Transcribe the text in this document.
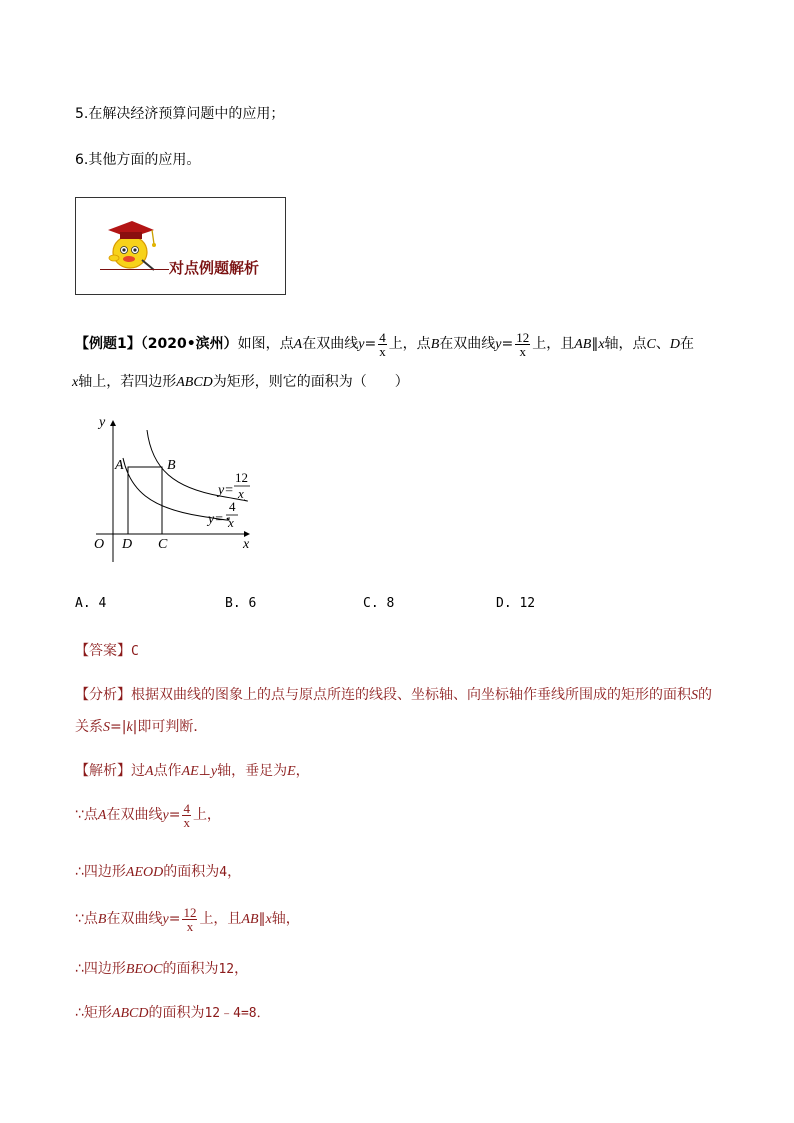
5.在解决经济预算问题中的应用；
6.其他方面的应用。
对点例题解析
【例题1】（2020•滨州）如图，点A在双曲线$y= \frac{4}{x}$ 上，点B在双曲线$y= \frac{12}{x}$ 上，且AB∥x轴，点C、D在
x轴上，若四边形ABCD为矩形，则它的面积为（　　）
y
x
O
A	B
D C
y=
12
x
y=
4
x
A. 4	B. 6	C. 8	D. 12
【答案】C
【分析】根据双曲线的图象上的点与原点所连的线段、坐标轴、向坐标轴作垂线所围成的矩形的面积S的
关系S=|k|即可判断．
【解析】过A点作AE⊥y轴，垂足为E，
∵点A在双曲线$y= \frac{4}{x}$ 上，
∴四边形AEOD的面积为4，
∵点B在双曲线$y= \frac{12}{x}$ 上，且AB∥x轴，
∴四边形BEOC的面积为12，
∴矩形ABCD的面积为12﹣4=8．
